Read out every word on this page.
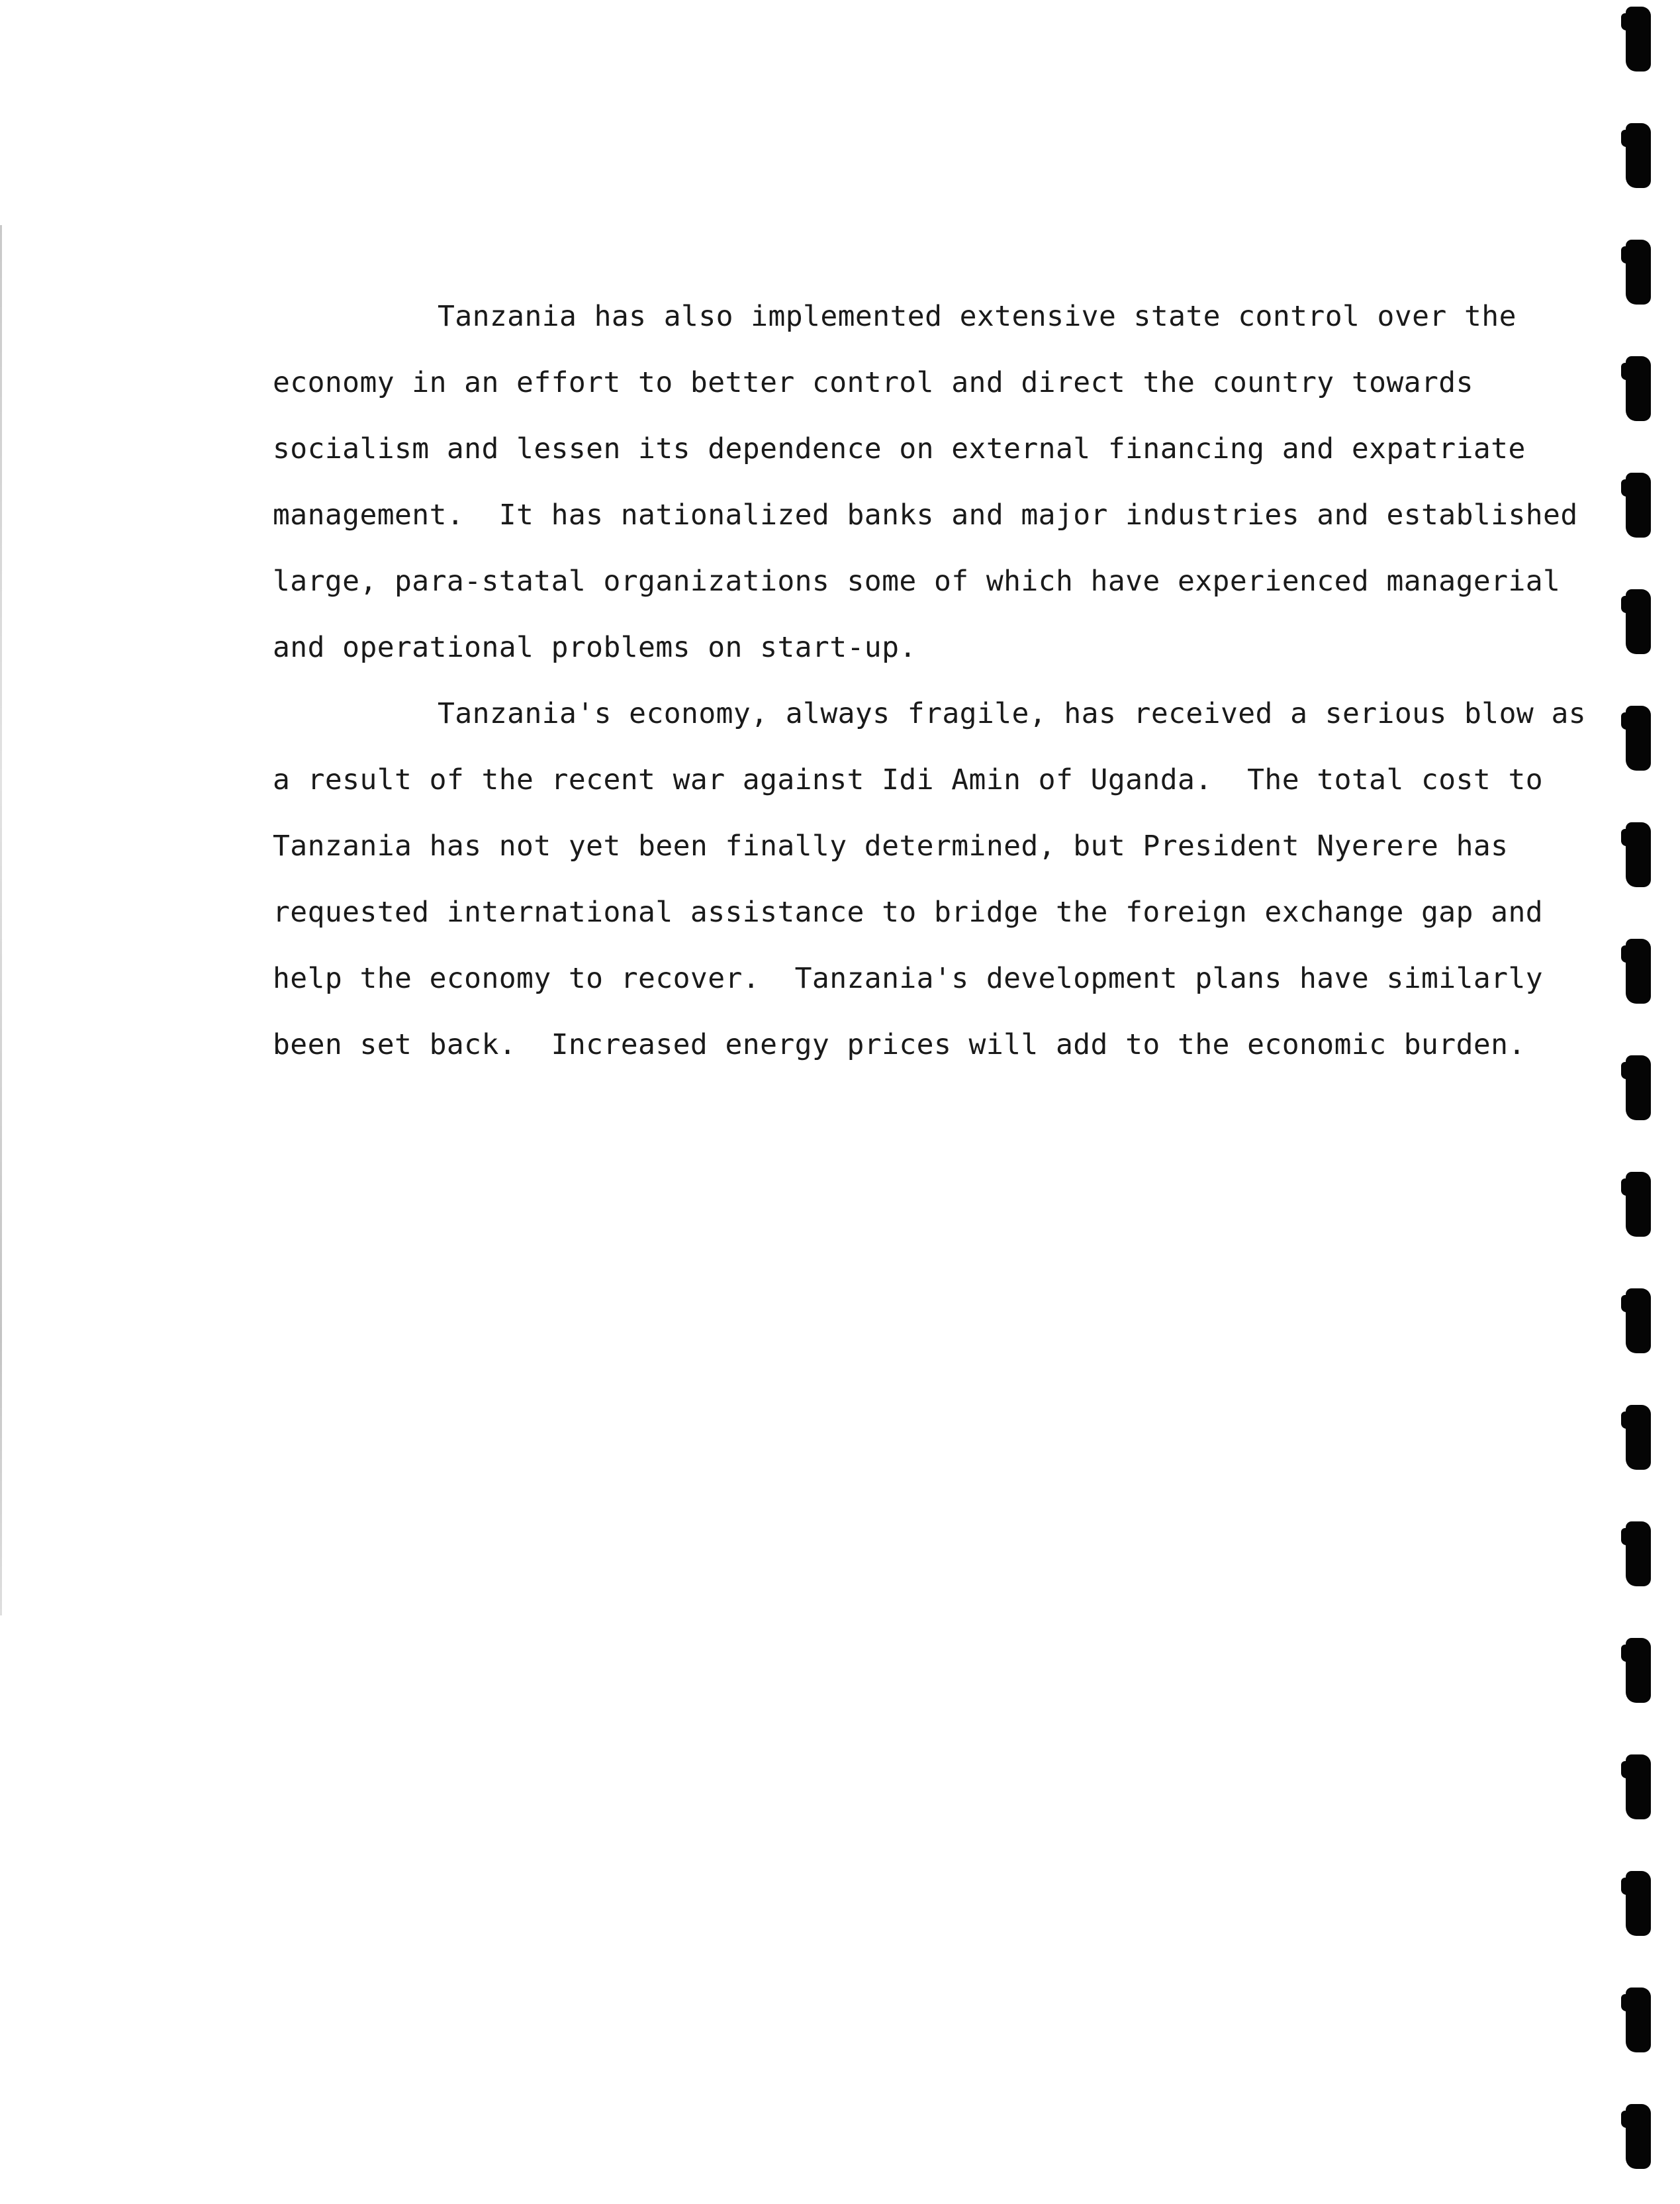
Tanzania has also implemented extensive state control over the
economy in an effort to better control and direct the country towards
socialism and lessen its dependence on external financing and expatriate
management.  It has nationalized banks and major industries and established
large, para-statal organizations some of which have experienced managerial
and operational problems on start-up.
Tanzania's economy, always fragile, has received a serious blow as
a result of the recent war against Idi Amin of Uganda.  The total cost to
Tanzania has not yet been finally determined, but President Nyerere has
requested international assistance to bridge the foreign exchange gap and
help the economy to recover.  Tanzania's development plans have similarly
been set back.  Increased energy prices will add to the economic burden.
